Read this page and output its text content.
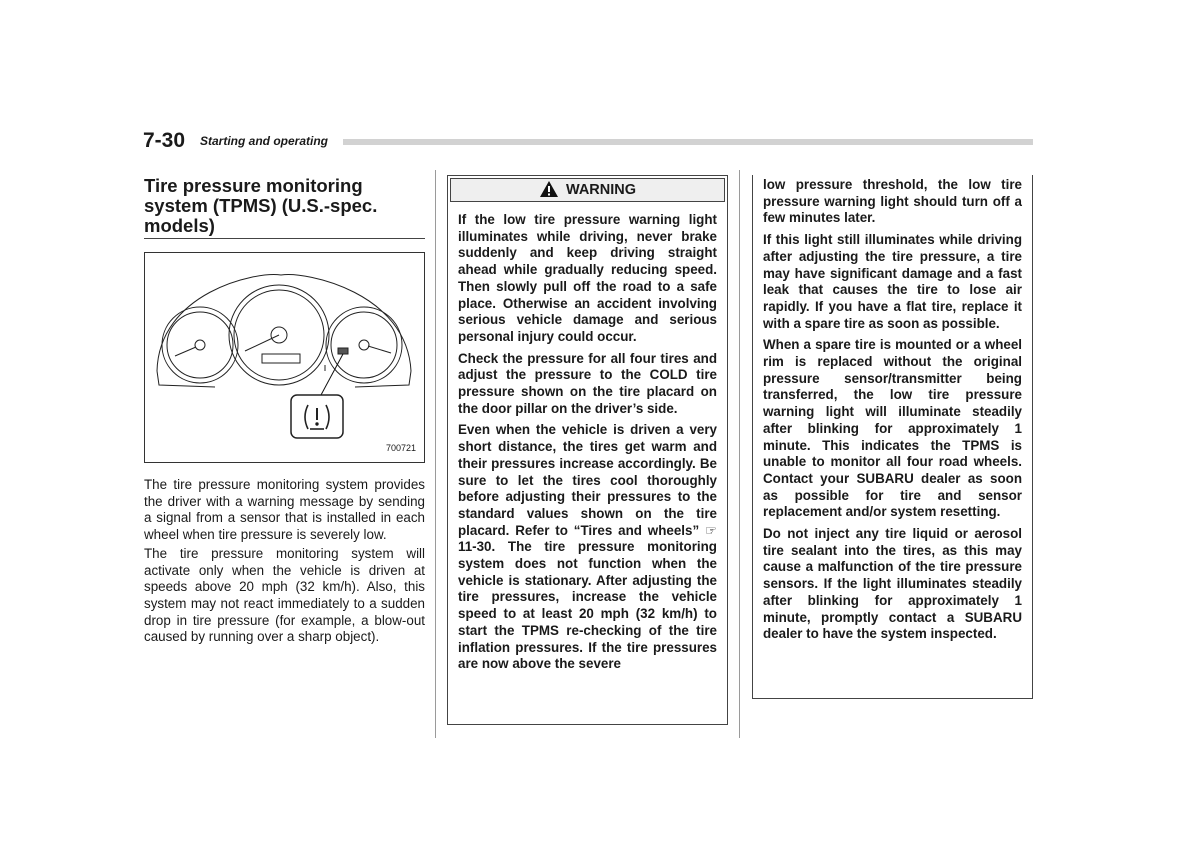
7-30 Starting and operating
Tire pressure monitoring system (TPMS) (U.S.-spec. models)
700721

The tire pressure monitoring system provides the driver with a warning message by sending a signal from a sensor that is installed in each wheel when tire pressure is severely low.

The tire pressure monitoring system will activate only when the vehicle is driven at speeds above 20 mph (32 km/h). Also, this system may not react immediately to a sudden drop in tire pressure (for example, a blow-out caused by running over a sharp object).

WARNING

If the low tire pressure warning light illuminates while driving, never brake suddenly and keep driving straight ahead while gradually reducing speed. Then slowly pull off the road to a safe place. Otherwise an accident involving serious vehicle damage and serious personal injury could occur.

Check the pressure for all four tires and adjust the pressure to the COLD tire pressure shown on the tire placard on the door pillar on the driver’s side.

Even when the vehicle is driven a very short distance, the tires get warm and their pressures increase accordingly. Be sure to let the tires cool thoroughly before adjusting their pressures to the standard values shown on the tire placard. Refer to “Tires and wheels” ☞11-30. The tire pressure monitoring system does not function when the vehicle is stationary. After adjusting the tire pressures, increase the vehicle speed to at least 20 mph (32 km/h) to start the TPMS re-checking of the tire inflation pressures. If the tire pressures are now above the severe

low pressure threshold, the low tire pressure warning light should turn off a few minutes later.

If this light still illuminates while driving after adjusting the tire pressure, a tire may have significant damage and a fast leak that causes the tire to lose air rapidly. If you have a flat tire, replace it with a spare tire as soon as possible.

When a spare tire is mounted or a wheel rim is replaced without the original pressure sensor/transmitter being transferred, the low tire pressure warning light will illuminate steadily after blinking for approximately 1 minute. This indicates the TPMS is unable to monitor all four road wheels. Contact your SUBARU dealer as soon as possible for tire and sensor replacement and/or system resetting.

Do not inject any tire liquid or aerosol tire sealant into the tires, as this may cause a malfunction of the tire pressure sensors. If the light illuminates steadily after blinking for approximately 1 minute, promptly contact a SUBARU dealer to have the system inspected.
